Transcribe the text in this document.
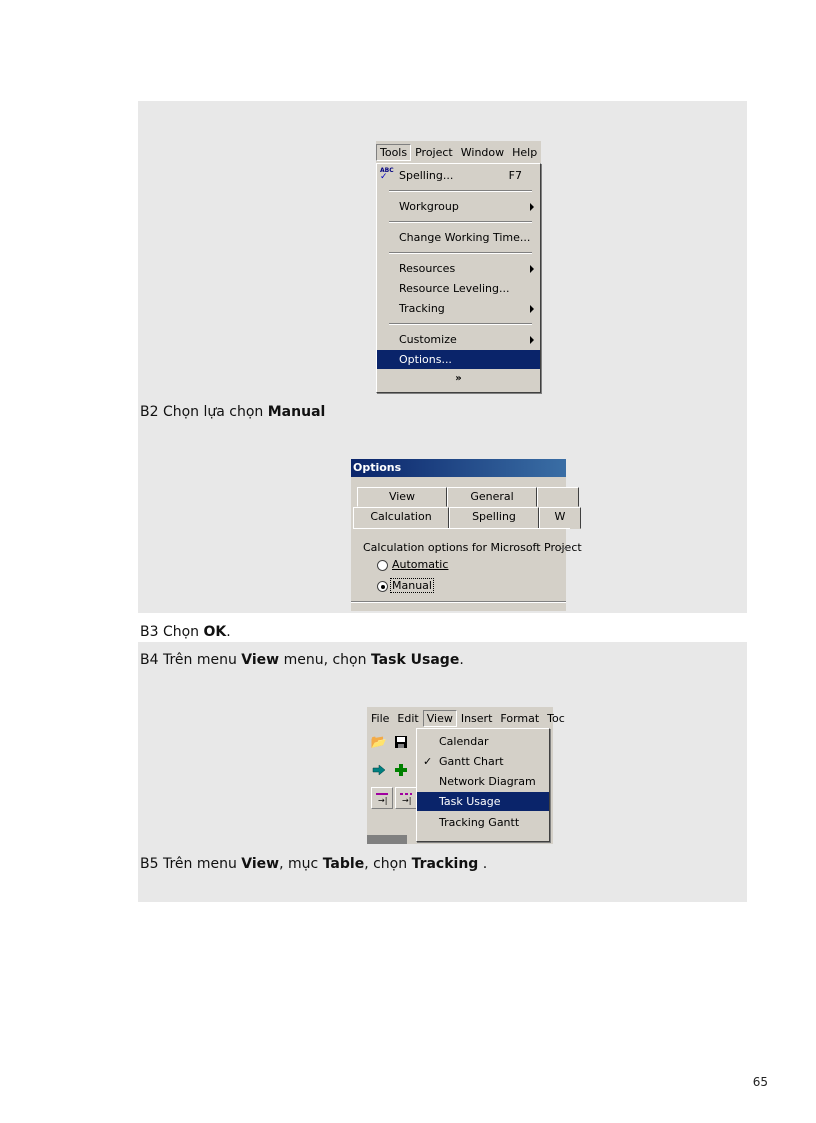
Tools Project Window Help
ABC
✓	Spelling...	F7
Workgroup
Change Working Time...
Resources
Resource Leveling...
Tracking
Customize
Options...
»
B2 Chọn lựa chọn Manual
Options
View	General
Calculation	Spelling	W
Calculation options for Microsoft Project
Automatic
Manual
B3 Chọn OK.
B4 Trên menu View menu, chọn Task Usage.
File Edit View Insert Format Toc
📂
→| →|
Calendar
✓ Gantt Chart
Network Diagram
Task Usage
Tracking Gantt
B5 Trên menu View, mục Table, chọn Tracking .
65
